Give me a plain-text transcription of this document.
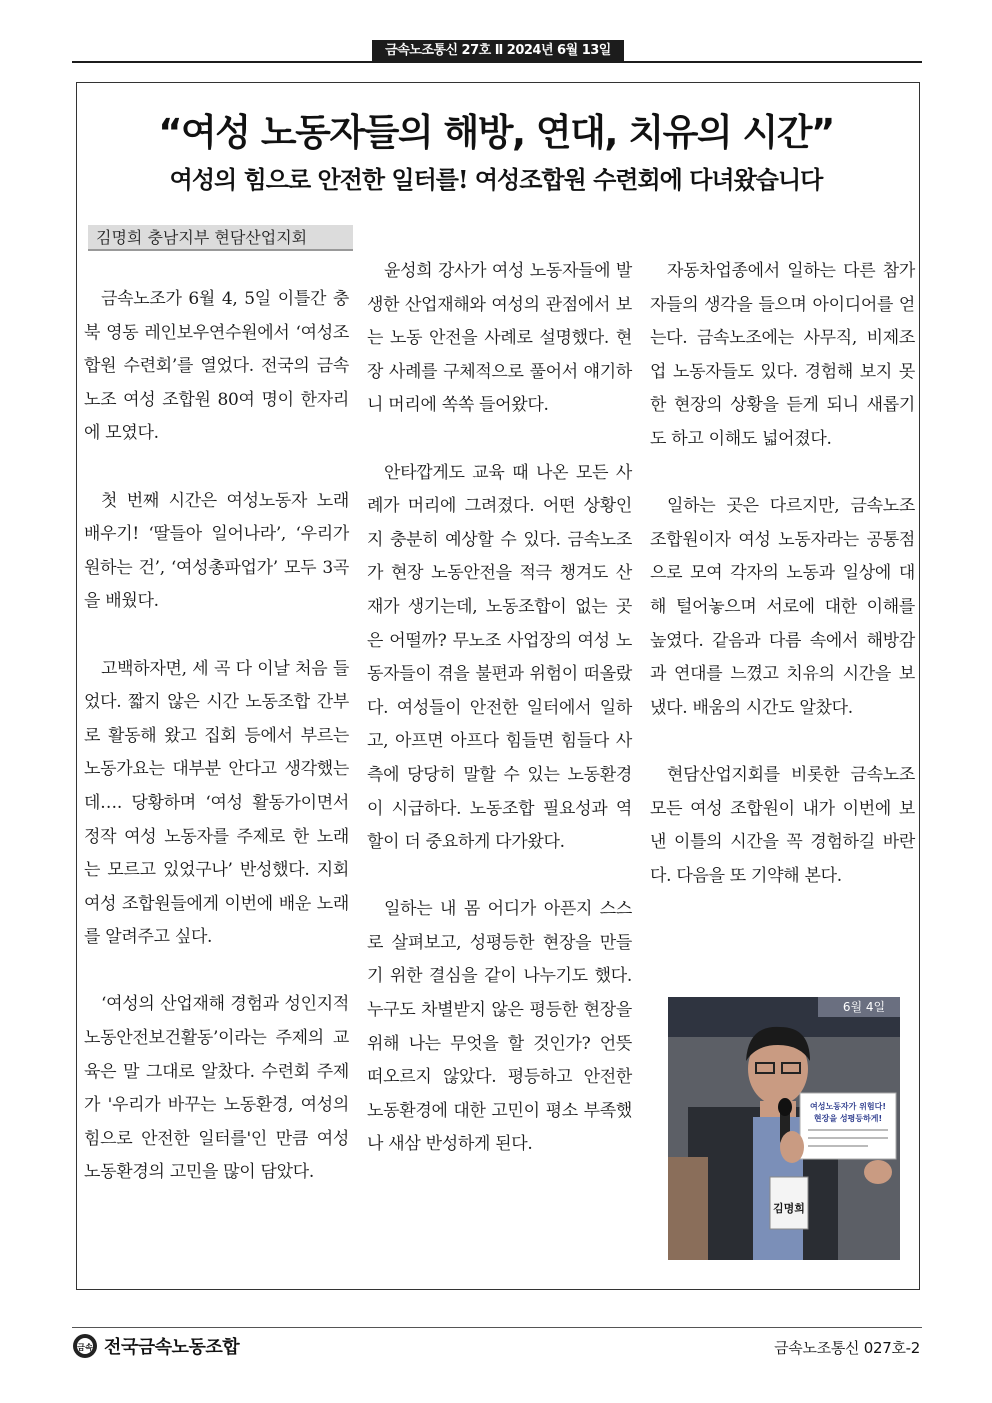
금속노조통신 27호 Ⅱ 2024년 6월 13일
“여성 노동자들의 해방, 연대, 치유의 시간”
여성의 힘으로 안전한 일터를! 여성조합원 수련회에 다녀왔습니다
김명희 충남지부 현담산업지회

금속노조가 6월 4, 5일 이틀간 충북 영동 레인보우연수원에서 ‘여성조합원 수련회’를 열었다. 전국의 금속노조 여성 조합원 80여 명이 한자리에 모였다.

첫 번째 시간은 여성노동자 노래 배우기! ‘딸들아 일어나라’, ‘우리가 원하는 건’, ‘여성총파업가’ 모두 3곡을 배웠다.

고백하자면, 세 곡 다 이날 처음 들었다. 짧지 않은 시간 노동조합 간부로 활동해 왔고 집회 등에서 부르는 노동가요는 대부분 안다고 생각했는데…. 당황하며 ‘여성 활동가이면서 정작 여성 노동자를 주제로 한 노래는 모르고 있었구나’ 반성했다. 지회 여성 조합원들에게 이번에 배운 노래를 알려주고 싶다.

‘여성의 산업재해 경험과 성인지적 노동안전보건활동’이라는 주제의 교육은 말 그대로 알찼다. 수련회 주제가 '우리가 바꾸는 노동환경, 여성의 힘으로 안전한 일터를'인 만큼 여성 노동환경의 고민을 많이 담았다.

윤성희 강사가 여성 노동자들에 발생한 산업재해와 여성의 관점에서 보는 노동 안전을 사례로 설명했다. 현장 사례를 구체적으로 풀어서 얘기하니 머리에 쏙쏙 들어왔다.

안타깝게도 교육 때 나온 모든 사례가 머리에 그려졌다. 어떤 상황인지 충분히 예상할 수 있다. 금속노조가 현장 노동안전을 적극 챙겨도 산재가 생기는데, 노동조합이 없는 곳은 어떨까? 무노조 사업장의 여성 노동자들이 겪을 불편과 위험이 떠올랐다. 여성들이 안전한 일터에서 일하고, 아프면 아프다 힘들면 힘들다 사측에 당당히 말할 수 있는 노동환경이 시급하다. 노동조합 필요성과 역할이 더 중요하게 다가왔다.

일하는 내 몸 어디가 아픈지 스스로 살펴보고, 성평등한 현장을 만들기 위한 결심을 같이 나누기도 했다. 누구도 차별받지 않은 평등한 현장을 위해 나는 무엇을 할 것인가? 언뜻 떠오르지 않았다. 평등하고 안전한 노동환경에 대한 고민이 평소 부족했나 새삼 반성하게 된다.

자동차업종에서 일하는 다른 참가자들의 생각을 들으며 아이디어를 얻는다. 금속노조에는 사무직, 비제조업 노동자들도 있다. 경험해 보지 못한 현장의 상황을 듣게 되니 새롭기도 하고 이해도 넓어졌다.

일하는 곳은 다르지만, 금속노조 조합원이자 여성 노동자라는 공통점으로 모여 각자의 노동과 일상에 대해 털어놓으며 서로에 대한 이해를 높였다. 같음과 다름 속에서 해방감과 연대를 느꼈고 치유의 시간을 보냈다. 배움의 시간도 알찼다.

현담산업지회를 비롯한 금속노조 모든 여성 조합원이 내가 이번에 보낸 이틀의 시간을 꼭 경험하길 바란다. 다음을 또 기약해 본다.

6월 4일
김명희
여성노동자가 위험다!
현장을 성평등하게!
금속 전국금속노동조합	금속노조통신 027호-2
